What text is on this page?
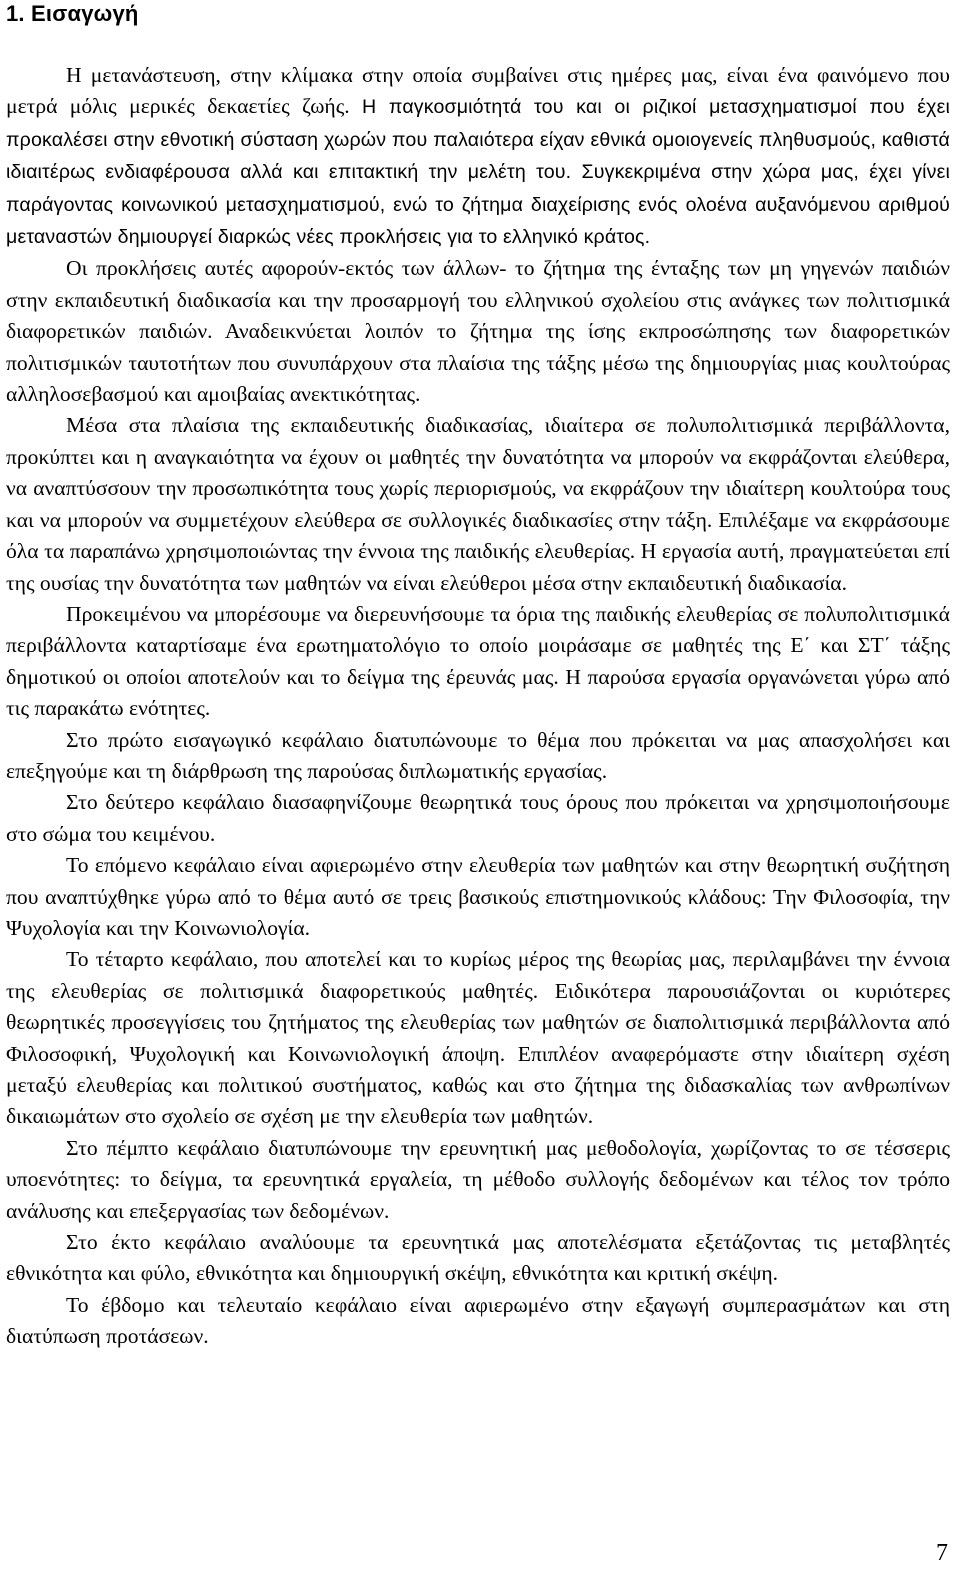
1. Εισαγωγή

Η μετανάστευση, στην κλίμακα στην οποία συμβαίνει στις ημέρες μας, είναι ένα φαινόμενο που μετρά μόλις μερικές δεκαετίες ζωής. Η παγκοσμιότητά του και οι ριζικοί μετασχηματισμοί που έχει προκαλέσει στην εθνοτική σύσταση χωρών που παλαιότερα είχαν εθνικά ομοιογενείς πληθυσμούς, καθιστά ιδιαιτέρως ενδιαφέρουσα αλλά και επιτακτική την μελέτη του. Συγκεκριμένα στην χώρα μας, έχει γίνει παράγοντας κοινωνικού μετασχηματισμού, ενώ το ζήτημα διαχείρισης ενός ολοένα αυξανόμενου αριθμού μεταναστών δημιουργεί διαρκώς νέες προκλήσεις για το ελληνικό κράτος.

Οι προκλήσεις αυτές αφορούν-εκτός των άλλων- το ζήτημα της ένταξης των μη γηγενών παιδιών στην εκπαιδευτική διαδικασία και την προσαρμογή του ελληνικού σχολείου στις ανάγκες των πολιτισμικά διαφορετικών παιδιών. Αναδεικνύεται λοιπόν το ζήτημα της ίσης εκπροσώπησης των διαφορετικών πολιτισμικών ταυτοτήτων που συνυπάρχουν στα πλαίσια της τάξης μέσω της δημιουργίας μιας κουλτούρας αλληλοσεβασμού και αμοιβαίας ανεκτικότητας.

Μέσα στα πλαίσια της εκπαιδευτικής διαδικασίας, ιδιαίτερα σε πολυπολιτισμικά περιβάλλοντα, προκύπτει και η αναγκαιότητα να έχουν οι μαθητές την δυνατότητα να μπορούν να εκφράζονται ελεύθερα, να αναπτύσσουν την προσωπικότητα τους χωρίς περιορισμούς, να εκφράζουν την ιδιαίτερη κουλτούρα τους και να μπορούν να συμμετέχουν ελεύθερα σε συλλογικές διαδικασίες στην τάξη. Επιλέξαμε να εκφράσουμε όλα τα παραπάνω χρησιμοποιώντας την έννοια της παιδικής ελευθερίας. Η εργασία αυτή, πραγματεύεται επί της ουσίας την δυνατότητα των μαθητών να είναι ελεύθεροι μέσα στην εκπαιδευτική διαδικασία.

Προκειμένου να μπορέσουμε να διερευνήσουμε τα όρια της παιδικής ελευθερίας σε πολυπολιτισμικά περιβάλλοντα καταρτίσαμε ένα ερωτηματολόγιο το οποίο μοιράσαμε σε μαθητές της Ε΄ και ΣΤ΄ τάξης δημοτικού οι οποίοι αποτελούν και το δείγμα της έρευνάς μας. Η παρούσα εργασία οργανώνεται γύρω από τις παρακάτω ενότητες.

Στο πρώτο εισαγωγικό κεφάλαιο διατυπώνουμε το θέμα που πρόκειται να μας απασχολήσει και επεξηγούμε και τη διάρθρωση της παρούσας διπλωματικής εργασίας.

Στο δεύτερο κεφάλαιο διασαφηνίζουμε θεωρητικά τους όρους που πρόκειται να χρησιμοποιήσουμε στο σώμα του κειμένου.

Το επόμενο κεφάλαιο είναι αφιερωμένο στην ελευθερία των μαθητών και στην θεωρητική συζήτηση που αναπτύχθηκε γύρω από το θέμα αυτό σε τρεις βασικούς επιστημονικούς κλάδους: Την Φιλοσοφία, την Ψυχολογία και την Κοινωνιολογία.

Το τέταρτο κεφάλαιο, που αποτελεί και το κυρίως μέρος της θεωρίας μας, περιλαμβάνει την έννοια της ελευθερίας σε πολιτισμικά διαφορετικούς μαθητές. Ειδικότερα παρουσιάζονται οι κυριότερες θεωρητικές προσεγγίσεις του ζητήματος της ελευθερίας των μαθητών σε διαπολιτισμικά περιβάλλοντα από Φιλοσοφική, Ψυχολογική και Κοινωνιολογική άποψη. Επιπλέον αναφερόμαστε στην ιδιαίτερη σχέση μεταξύ ελευθερίας και πολιτικού συστήματος, καθώς και στο ζήτημα της διδασκαλίας των ανθρωπίνων δικαιωμάτων στο σχολείο σε σχέση με την ελευθερία των μαθητών.

Στο πέμπτο κεφάλαιο διατυπώνουμε την ερευνητική μας μεθοδολογία, χωρίζοντας το σε τέσσερις υποενότητες: το δείγμα, τα ερευνητικά εργαλεία, τη μέθοδο συλλογής δεδομένων και τέλος τον τρόπο ανάλυσης και επεξεργασίας των δεδομένων.

Στο έκτο κεφάλαιο αναλύουμε τα ερευνητικά μας αποτελέσματα εξετάζοντας τις μεταβλητές εθνικότητα και φύλο, εθνικότητα και δημιουργική σκέψη, εθνικότητα και κριτική σκέψη.

Το έβδομο και τελευταίο κεφάλαιο είναι αφιερωμένο στην εξαγωγή συμπερασμάτων και στη διατύπωση προτάσεων.

7
